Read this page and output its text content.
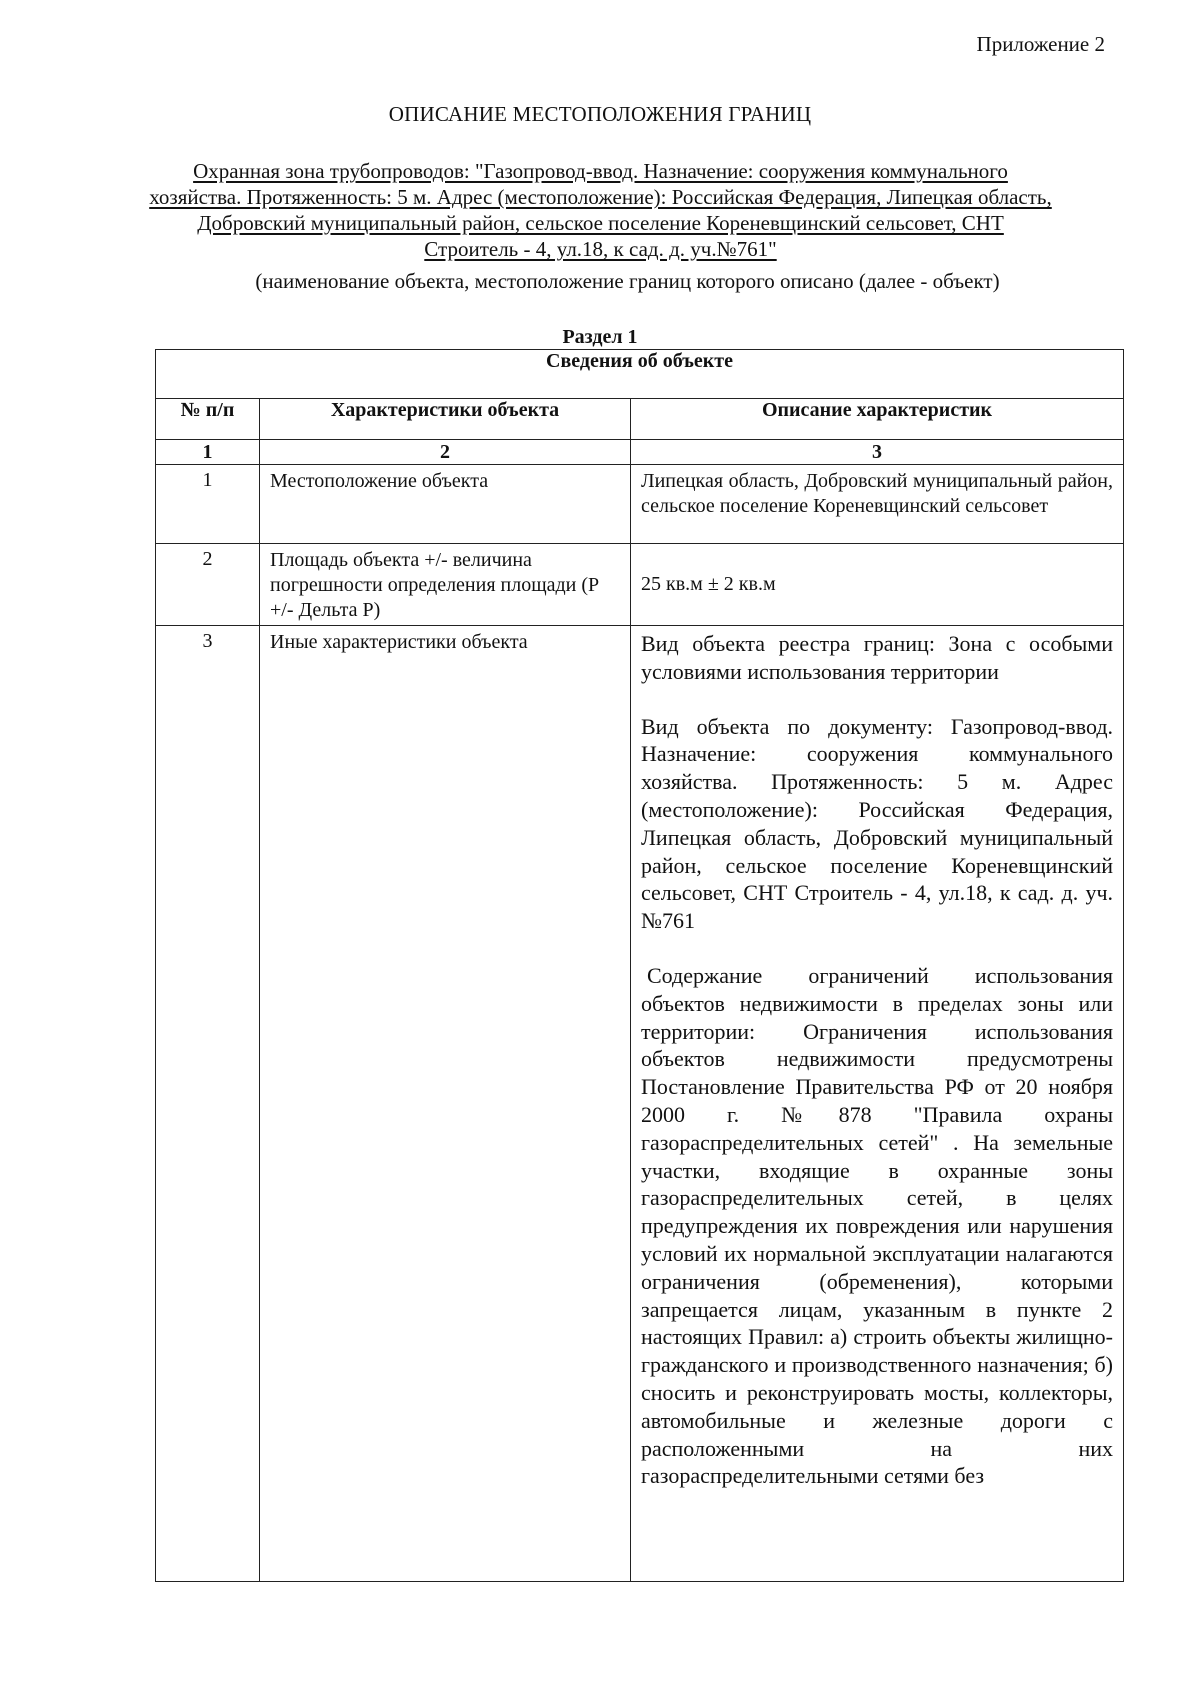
Приложение 2
ОПИСАНИЕ МЕСТОПОЛОЖЕНИЯ ГРАНИЦ
Охранная зона трубопроводов: "Газопровод-ввод. Назначение: сооружения коммунального хозяйства. Протяженность: 5 м. Адрес (местоположение): Российская Федерация, Липецкая область, Добровский муниципальный район, сельское поселение Кореневщинский сельсовет, СНТ Строитель - 4, ул.18, к сад. д. уч.№761"
(наименование объекта, местоположение границ которого описано (далее - объект)
Раздел 1
Сведения об объекте		
№ п/п	Характеристики объекта	Описание характеристик
1	2	3
1	Местоположение объекта	Липецкая область, Добровский муниципальный район, сельское поселение Кореневщинский сельсовет
2	Площадь объекта +/- величина погрешности определения площади (Р +/- Дельта Р)	25 кв.м ± 2 кв.м
3	Иные характеристики объекта	Вид объекта реестра границ: Зона с особыми условиями использования территории
Вид объекта по документу: Газопровод-ввод. Назначение: сооружения коммунального хозяйства. Протяженность: 5 м. Адрес (местоположение): Российская Федерация, Липецкая область, Добровский муниципальный район, сельское поселение Кореневщинский сельсовет, СНТ Строитель - 4, ул.18, к сад. д. уч.№761
Содержание ограничений использования объектов недвижимости в пределах зоны или территории: Ограничения использования объектов недвижимости предусмотрены Постановление Правительства РФ от 20 ноября 2000 г. №878 "Правила охраны газораспределительных сетей" . На земельные участки, входящие в охранные зоны газораспределительных сетей, в целях предупреждения их повреждения или нарушения условий их нормальной эксплуатации налагаются ограничения (обременения), которыми запрещается лицам, указанным в пункте 2 настоящих Правил: а) строить объекты жилищно-гражданского и производственного назначения; б) сносить и реконструировать мосты, коллекторы, автомобильные и железные дороги с расположенными на них газораспределительными сетями без
